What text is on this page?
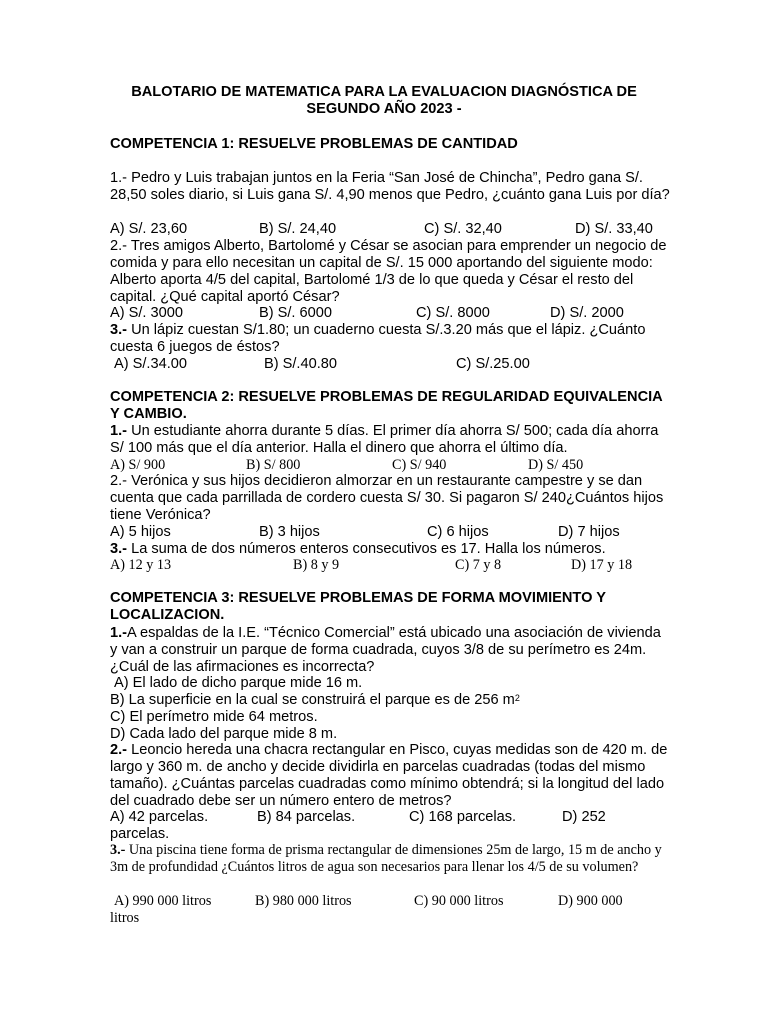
BALOTARIO DE MATEMATICA PARA LA EVALUACION DIAGNÓSTICA DE
SEGUNDO AÑO 2023 -
COMPETENCIA 1: RESUELVE PROBLEMAS DE CANTIDAD
1.- Pedro y Luis trabajan juntos en la Feria “San José de Chincha”, Pedro gana S/. 28,50 soles diario, si Luis gana S/. 4,90 menos que Pedro, ¿cuánto gana Luis por día?
A) S/. 23,60	B) S/. 24,40	C) S/. 32,40	D) S/. 33,40
2.- Tres amigos Alberto, Bartolomé y César se asocian para emprender un negocio de comida y para ello necesitan un capital de S/. 15 000 aportando del siguiente modo: Alberto aporta 4/5 del capital, Bartolomé 1/3 de lo que queda y César el resto del capital. ¿Qué capital aportó César?
A) S/. 3000	B) S/. 6000	C) S/. 8000	D) S/. 2000
3.- Un lápiz cuestan S/1.80; un cuaderno cuesta S/.3.20 más que el lápiz. ¿Cuánto cuesta 6 juegos de éstos?
A) S/.34.00	B) S/.40.80	C) S/.25.00
COMPETENCIA 2: RESUELVE PROBLEMAS DE REGULARIDAD EQUIVALENCIA Y CAMBIO.
1.- Un estudiante ahorra durante 5 días. El primer día ahorra S/ 500; cada día ahorra S/ 100 más que el día anterior. Halla el dinero que ahorra el último día.
A) S/ 900	B) S/ 800	C) S/ 940	D) S/ 450
2.- Verónica y sus hijos decidieron almorzar en un restaurante campestre y se dan cuenta que cada parrillada de cordero cuesta S/ 30. Si pagaron S/ 240¿Cuántos hijos tiene Verónica?
A) 5 hijos	B) 3 hijos	C) 6 hijos	D) 7 hijos
3.- La suma de dos números enteros consecutivos es 17. Halla los números.
A) 12 y 13	B) 8 y 9	C) 7 y 8	D) 17 y 18
COMPETENCIA 3: RESUELVE PROBLEMAS DE FORMA MOVIMIENTO Y LOCALIZACION.
1.-A espaldas de la I.E. “Técnico Comercial” está ubicado una asociación de vivienda y van a construir un parque de forma cuadrada, cuyos 3/8 de su perímetro es 24m. ¿Cuál de las afirmaciones es incorrecta?
A) El lado de dicho parque mide 16 m.
B) La superficie en la cual se construirá el parque es de 256 $m^2$
C) El perímetro mide 64 metros.
D) Cada lado del parque mide 8 m.
2.- Leoncio hereda una chacra rectangular en Pisco, cuyas medidas son de 420 m. de largo y 360 m. de ancho y decide dividirla en parcelas cuadradas (todas del mismo tamaño). ¿Cuántas parcelas cuadradas como mínimo obtendrá; si la longitud del lado del cuadrado debe ser un número entero de metros?
A) 42 parcelas.	B) 84 parcelas.	C) 168 parcelas.	D) 252
parcelas.
3.- Una piscina tiene forma de prisma rectangular de dimensiones 25m de largo, 15 m de ancho y 3m de profundidad ¿Cuántos litros de agua son necesarios para llenar los 4/5 de su volumen?
A) 990 000 litros	B) 980 000 litros	C) 90 000 litros	D) 900 000
litros
